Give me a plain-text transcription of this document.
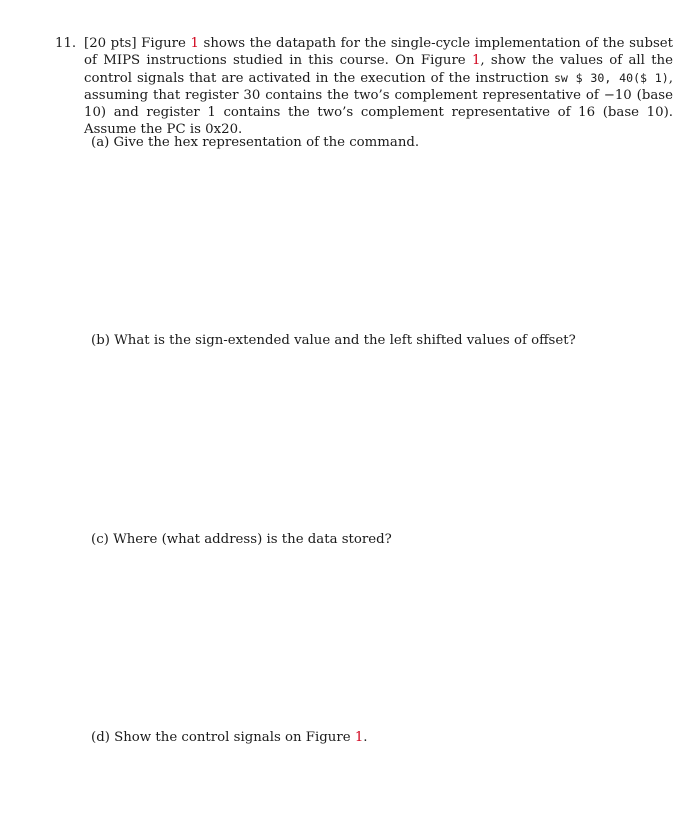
11. [20 pts] Figure 1 shows the datapath for the single-cycle implementation of the subset of MIPS instructions studied in this course. On Figure 1, show the values of all the control signals that are activated in the execution of the instruction sw $ 30, 40($ 1), assuming that register 30 contains the two’s complement representative of −10 (base 10) and register 1 contains the two’s complement representative of 16 (base 10). Assume the PC is 0x20.
(a) Give the hex representation of the command.
(b) What is the sign-extended value and the left shifted values of offset?
(c) Where (what address) is the data stored?
(d) Show the control signals on Figure 1.
